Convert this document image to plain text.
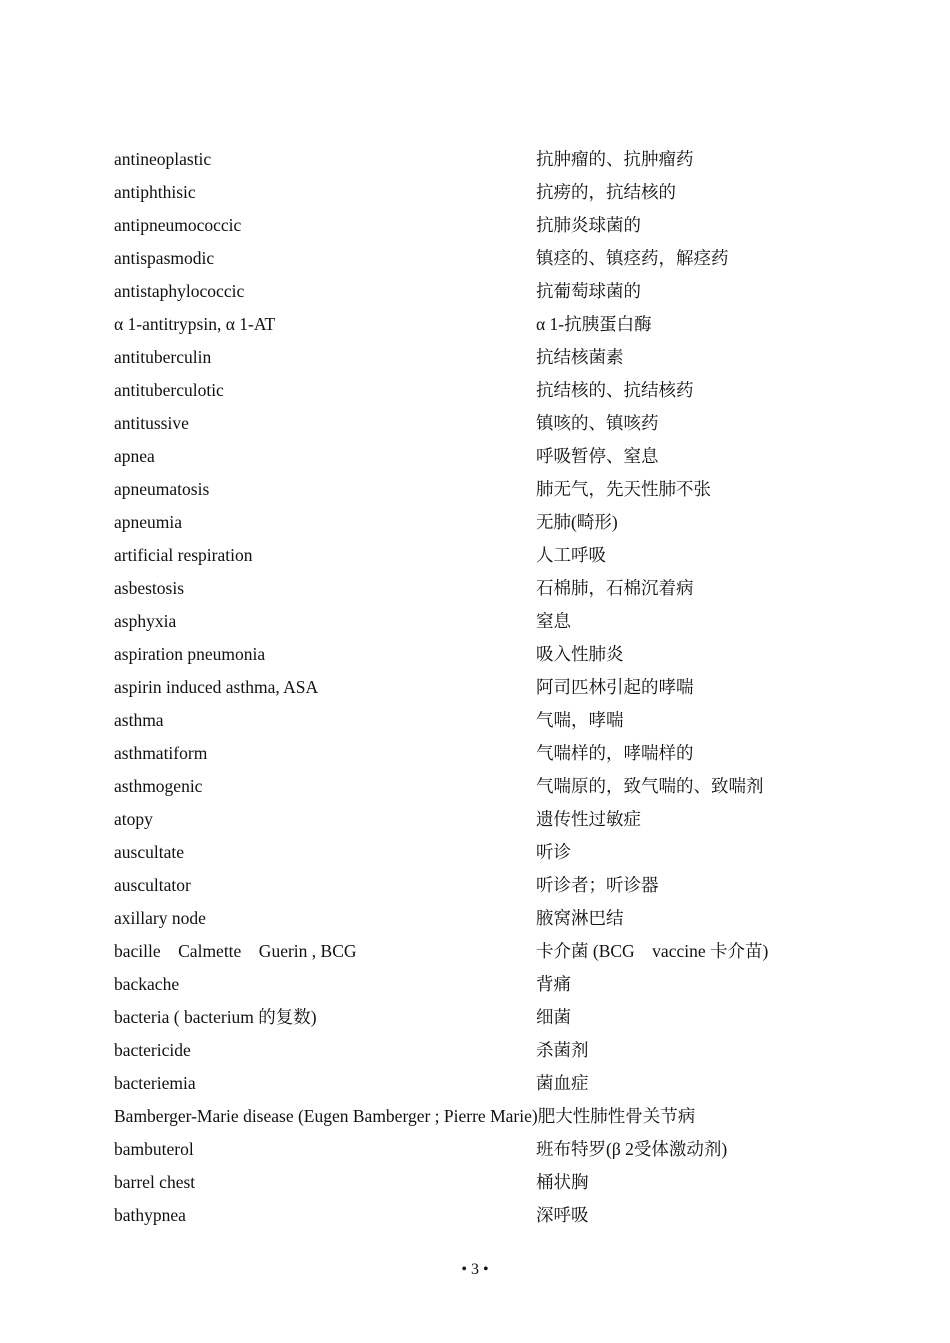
antineoplastic	抗肿瘤的、抗肿瘤药
antiphthisic	抗痨的，抗结核的
antipneumococcic	抗肺炎球菌的
antispasmodic	镇痉的、镇痉药，解痉药
antistaphylococcic	抗葡萄球菌的
α 1-antitrypsin, α 1-AT	α 1-抗胰蛋白酶
antituberculin	抗结核菌素
antituberculotic	抗结核的、抗结核药
antitussive	镇咳的、镇咳药
apnea	呼吸暂停、窒息
apneumatosis	肺无气，先天性肺不张
apneumia	无肺(畸形)
artificial respiration	人工呼吸
asbestosis	石棉肺，石棉沉着病
asphyxia	窒息
aspiration pneumonia	吸入性肺炎
aspirin induced asthma, ASA	阿司匹林引起的哮喘
asthma	气喘，哮喘
asthmatiform	气喘样的，哮喘样的
asthmogenic	气喘原的，致气喘的、致喘剂
atopy	遗传性过敏症
auscultate	听诊
auscultator	听诊者；听诊器
axillary node	腋窝淋巴结
bacille    Calmette    Guerin , BCG	卡介菌 (BCG    vaccine 卡介苗)
backache	背痛
bacteria ( bacterium 的复数)	细菌
bactericide	杀菌剂
bacteriemia	菌血症
Bamberger-Marie disease (Eugen Bamberger ; Pierre Marie)肥大性肺性骨关节病
bambuterol	班布特罗(β 2受体激动剂)
barrel chest	桶状胸
bathypnea	深呼吸
• 3 •
